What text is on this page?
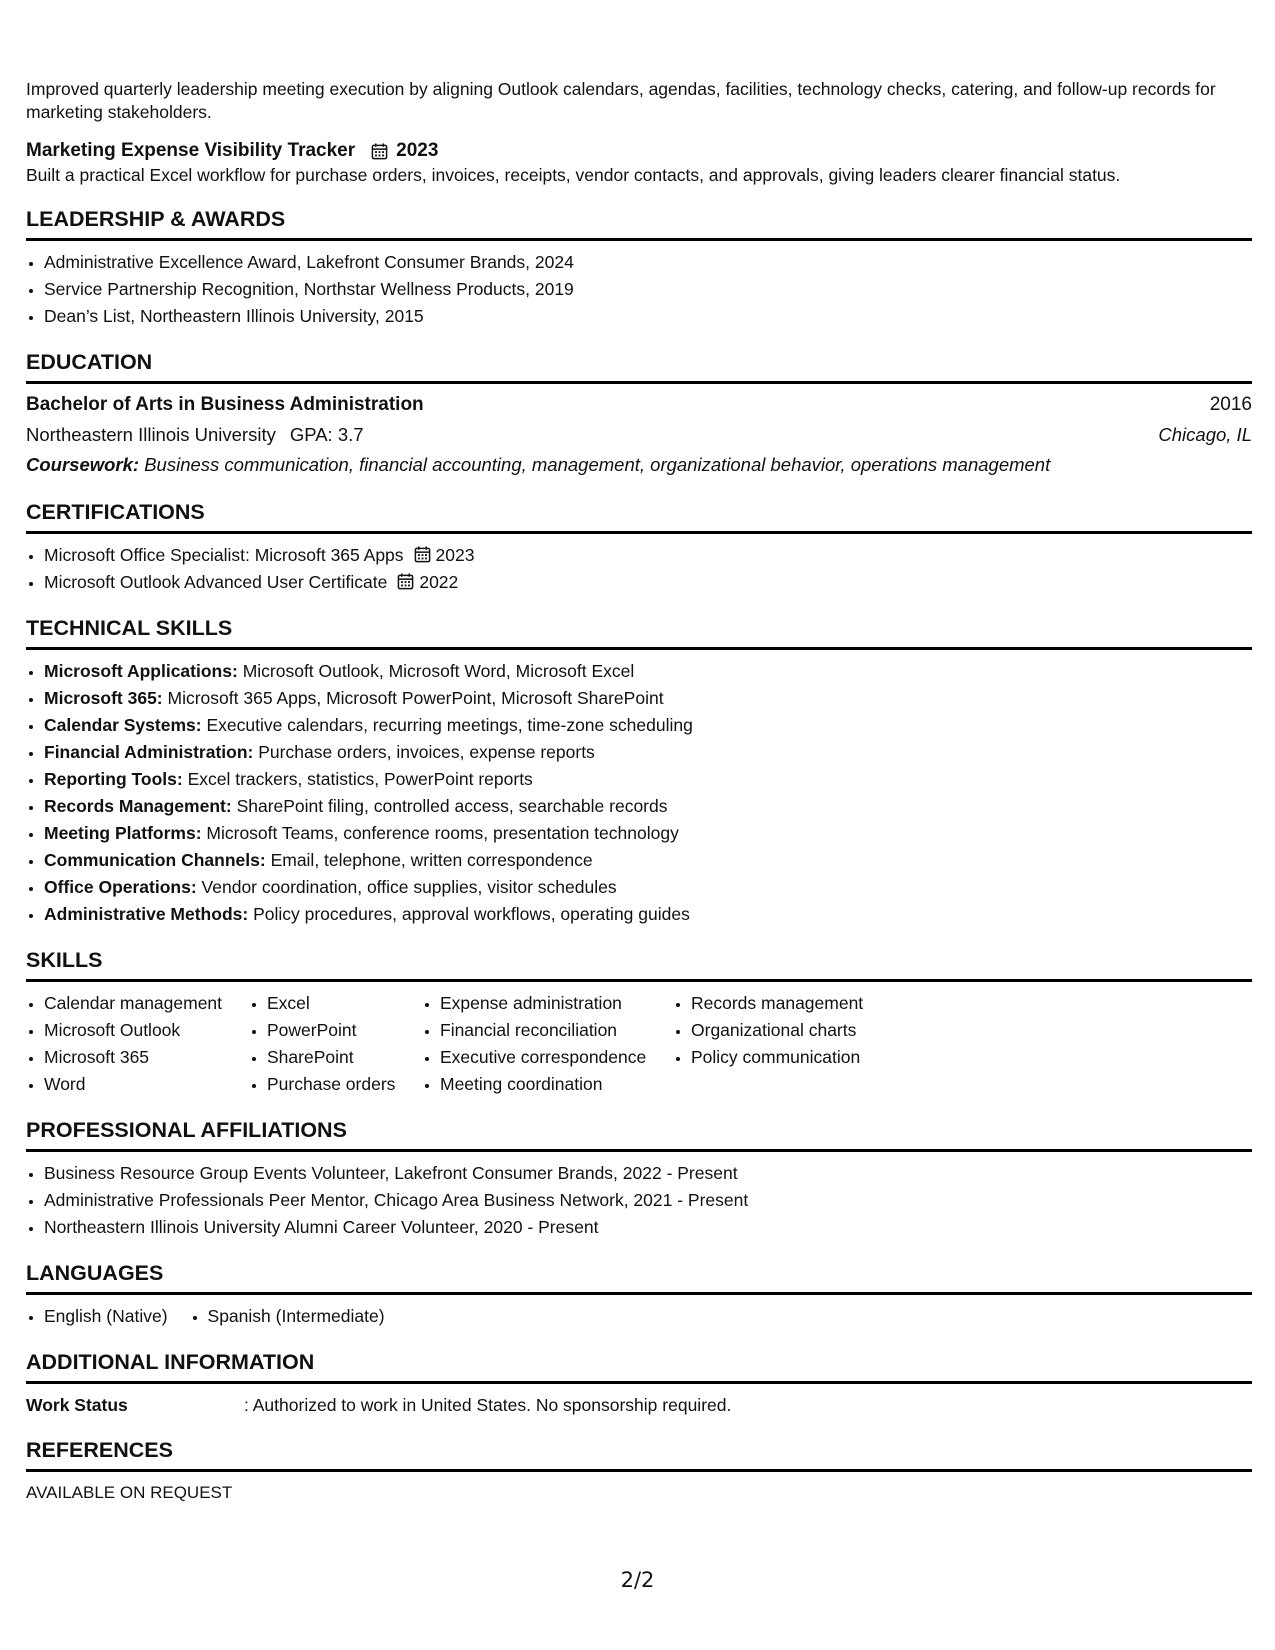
Improved quarterly leadership meeting execution by aligning Outlook calendars, agendas, facilities, technology checks, catering, and follow-up records for marketing stakeholders.

Marketing Expense Visibility Tracker 2023

Built a practical Excel workflow for purchase orders, invoices, receipts, vendor contacts, and approvals, giving leaders clearer financial status.

LEADERSHIP & AWARDS
• Administrative Excellence Award, Lakefront Consumer Brands, 2024
• Service Partnership Recognition, Northstar Wellness Products, 2019
• Dean’s List, Northeastern Illinois University, 2015
EDUCATION
Bachelor of Arts in Business Administration	2016
Northeastern Illinois University GPA: 3.7	Chicago, IL
Coursework: Business communication, financial accounting, management, organizational behavior, operations management
CERTIFICATIONS
• Microsoft Office Specialist: Microsoft 365 Apps 2023
• Microsoft Outlook Advanced User Certificate 2022
TECHNICAL SKILLS
• Microsoft Applications: Microsoft Outlook, Microsoft Word, Microsoft Excel
• Microsoft 365: Microsoft 365 Apps, Microsoft PowerPoint, Microsoft SharePoint
• Calendar Systems: Executive calendars, recurring meetings, time-zone scheduling
• Financial Administration: Purchase orders, invoices, expense reports
• Reporting Tools: Excel trackers, statistics, PowerPoint reports
• Records Management: SharePoint filing, controlled access, searchable records
• Meeting Platforms: Microsoft Teams, conference rooms, presentation technology
• Communication Channels: Email, telephone, written correspondence
• Office Operations: Vendor coordination, office supplies, visitor schedules
• Administrative Methods: Policy procedures, approval workflows, operating guides
SKILLS
• Calendar management
• Microsoft Outlook
• Microsoft 365
• Word
• Excel
• PowerPoint
• SharePoint
• Purchase orders
• Expense administration
• Financial reconciliation
• Executive correspondence
• Meeting coordination
• Records management
• Organizational charts
• Policy communication
PROFESSIONAL AFFILIATIONS
• Business Resource Group Events Volunteer, Lakefront Consumer Brands, 2022 - Present
• Administrative Professionals Peer Mentor, Chicago Area Business Network, 2021 - Present
• Northeastern Illinois University Alumni Career Volunteer, 2020 - Present
LANGUAGES
• English (Native)
• Spanish (Intermediate)
ADDITIONAL INFORMATION
Work Status	: Authorized to work in United States. No sponsorship required.
REFERENCES
AVAILABLE ON REQUEST
2/2
